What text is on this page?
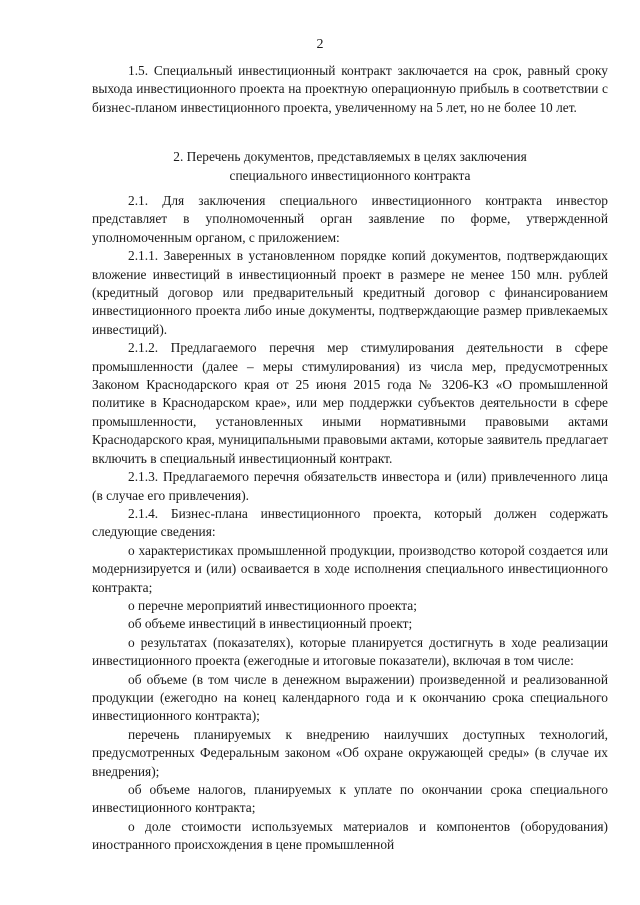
2

1.5. Специальный инвестиционный контракт заключается на срок, равный сроку выхода инвестиционного проекта на проектную операционную прибыль в соответствии с бизнес-планом инвестиционного проекта, увеличенному на 5 лет, но не более 10 лет.

2. Перечень документов, представляемых в целях заключения

специального инвестиционного контракта

2.1. Для заключения специального инвестиционного контракта инвестор представляет в уполномоченный орган заявление по форме, утвержденной уполномоченным органом, с приложением:

2.1.1. Заверенных в установленном порядке копий документов, подтверждающих вложение инвестиций в инвестиционный проект в размере не менее 150 млн. рублей (кредитный договор или предварительный кредитный договор с финансированием инвестиционного проекта либо иные документы, подтверждающие размер привлекаемых инвестиций).

2.1.2. Предлагаемого перечня мер стимулирования деятельности в сфере промышленности (далее – меры стимулирования) из числа мер, предусмотренных Законом Краснодарского края от 25 июня 2015 года № 3206-КЗ «О промышленной политике в Краснодарском крае», или мер поддержки субъектов деятельности в сфере промышленности, установленных иными нормативными правовыми актами Краснодарского края, муниципальными правовыми актами, которые заявитель предлагает включить в специальный инвестиционный контракт.

2.1.3. Предлагаемого перечня обязательств инвестора и (или) привлеченного лица (в случае его привлечения).

2.1.4. Бизнес-плана инвестиционного проекта, который должен содержать следующие сведения:

о характеристиках промышленной продукции, производство которой создается или модернизируется и (или) осваивается в ходе исполнения специального инвестиционного контракта;

о перечне мероприятий инвестиционного проекта;

об объеме инвестиций в инвестиционный проект;

о результатах (показателях), которые планируется достигнуть в ходе реализации инвестиционного проекта (ежегодные и итоговые показатели), включая в том числе:

об объеме (в том числе в денежном выражении) произведенной и реализованной продукции (ежегодно на конец календарного года и к окончанию срока специального инвестиционного контракта);

перечень планируемых к внедрению наилучших доступных технологий, предусмотренных Федеральным законом «Об охране окружающей среды» (в случае их внедрения);

об объеме налогов, планируемых к уплате по окончании срока специального инвестиционного контракта;

о доле стоимости используемых материалов и компонентов (оборудования) иностранного происхождения в цене промышленной
